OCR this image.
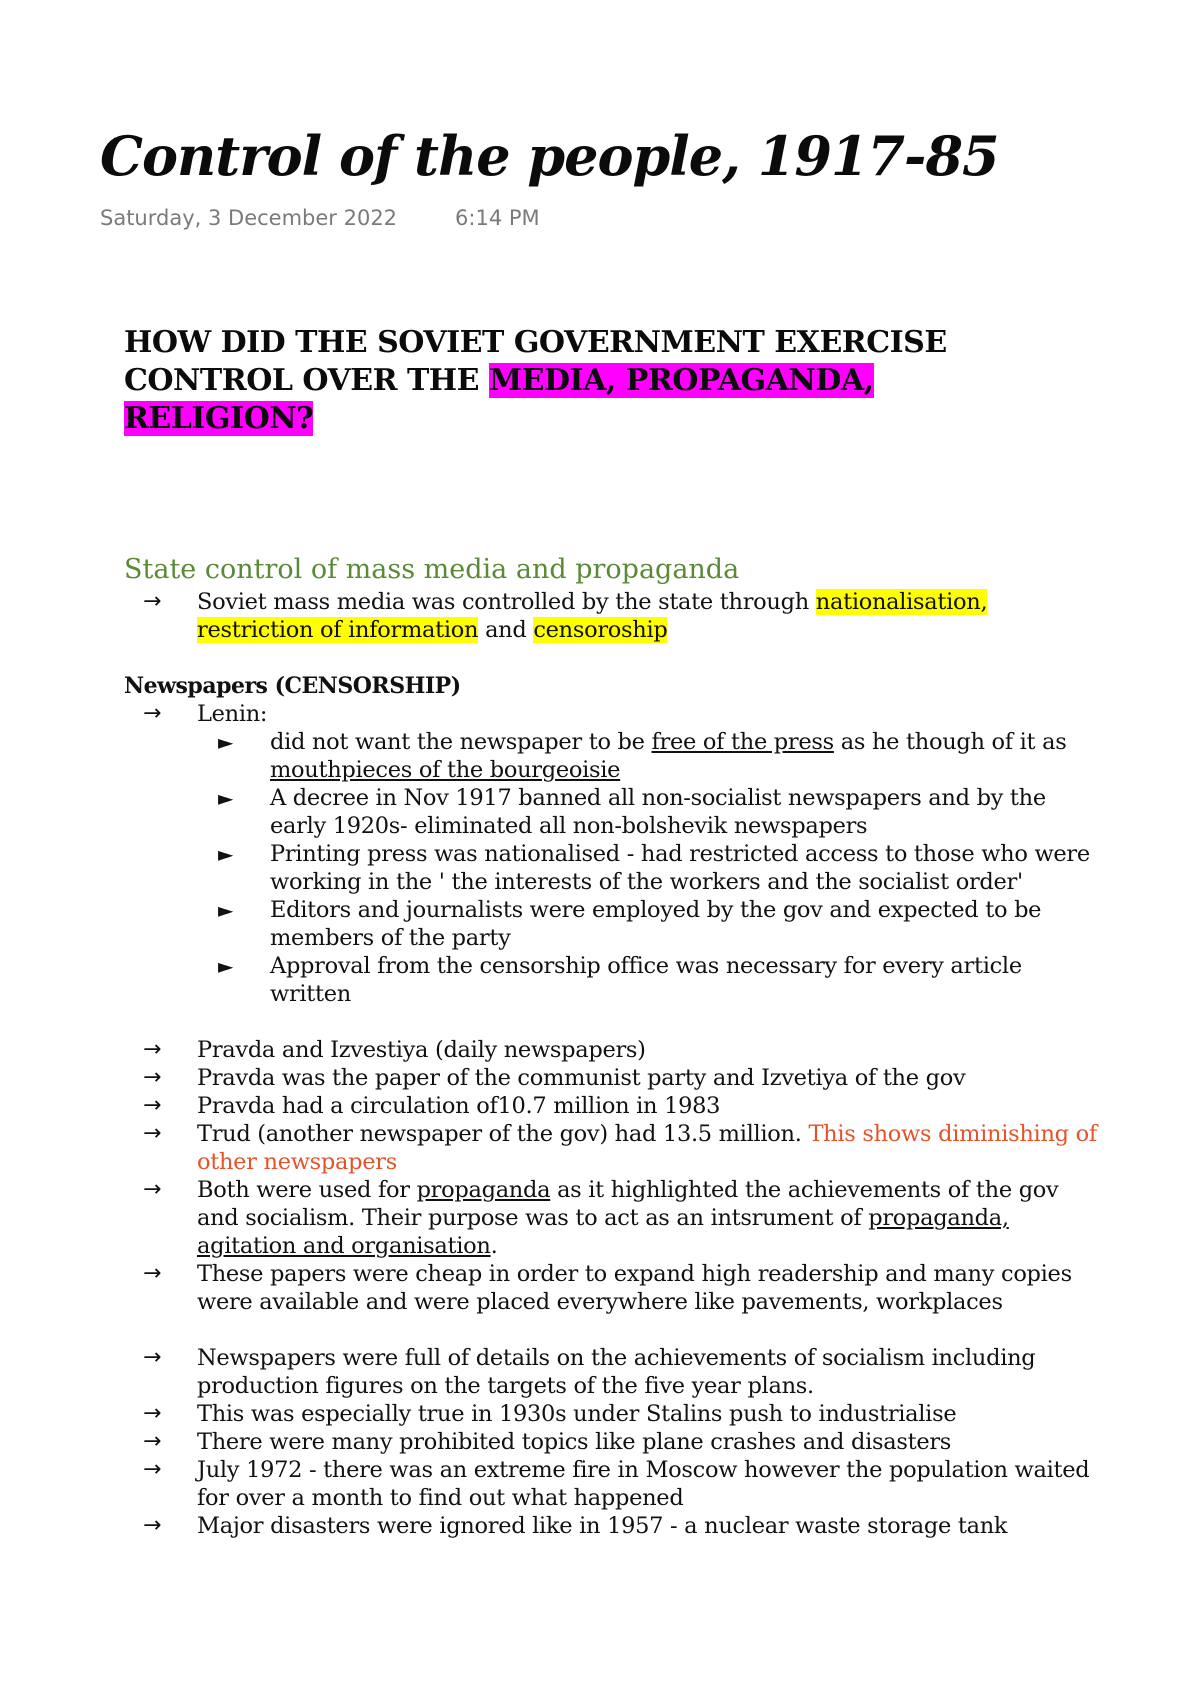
Control of the people, 1917-85
Saturday, 3 December 2022	6:14 PM
HOW DID THE SOVIET GOVERNMENT EXERCISE CONTROL OVER THE MEDIA, PROPAGANDA, RELIGION?
State control of mass media and propaganda
→ Soviet mass media was controlled by the state through nationalisation, restriction of information and censoroship
Newspapers (CENSORSHIP)
→ Lenin:
► did not want the newspaper to be free of the press as he though of it as mouthpieces of the bourgeoisie
► A decree in Nov 1917 banned all non-socialist newspapers and by the early 1920s- eliminated all non-bolshevik newspapers
► Printing press was nationalised - had restricted access to those who were working in the ' the interests of the workers and the socialist order'
► Editors and journalists were employed by the gov and expected to be members of the party
► Approval from the censorship office was necessary for every article written
→ Pravda and Izvestiya (daily newspapers)
→ Pravda was the paper of the communist party and Izvetiya of the gov
→ Pravda had a circulation of10.7 million in 1983
→ Trud (another newspaper of the gov) had 13.5 million. This shows diminishing of other newspapers
→ Both were used for propaganda as it highlighted the achievements of the gov and socialism. Their purpose was to act as an intsrument of propaganda, agitation and organisation.
→ These papers were cheap in order to expand high readership and many copies were available and were placed everywhere like pavements, workplaces
→ Newspapers were full of details on the achievements of socialism including production figures on the targets of the five year plans.
→ This was especially true in 1930s under Stalins push to industrialise
→ There were many prohibited topics like plane crashes and disasters
→ July 1972 - there was an extreme fire in Moscow however the population waited for over a month to find out what happened
→ Major disasters were ignored like in 1957 - a nuclear waste storage tank
